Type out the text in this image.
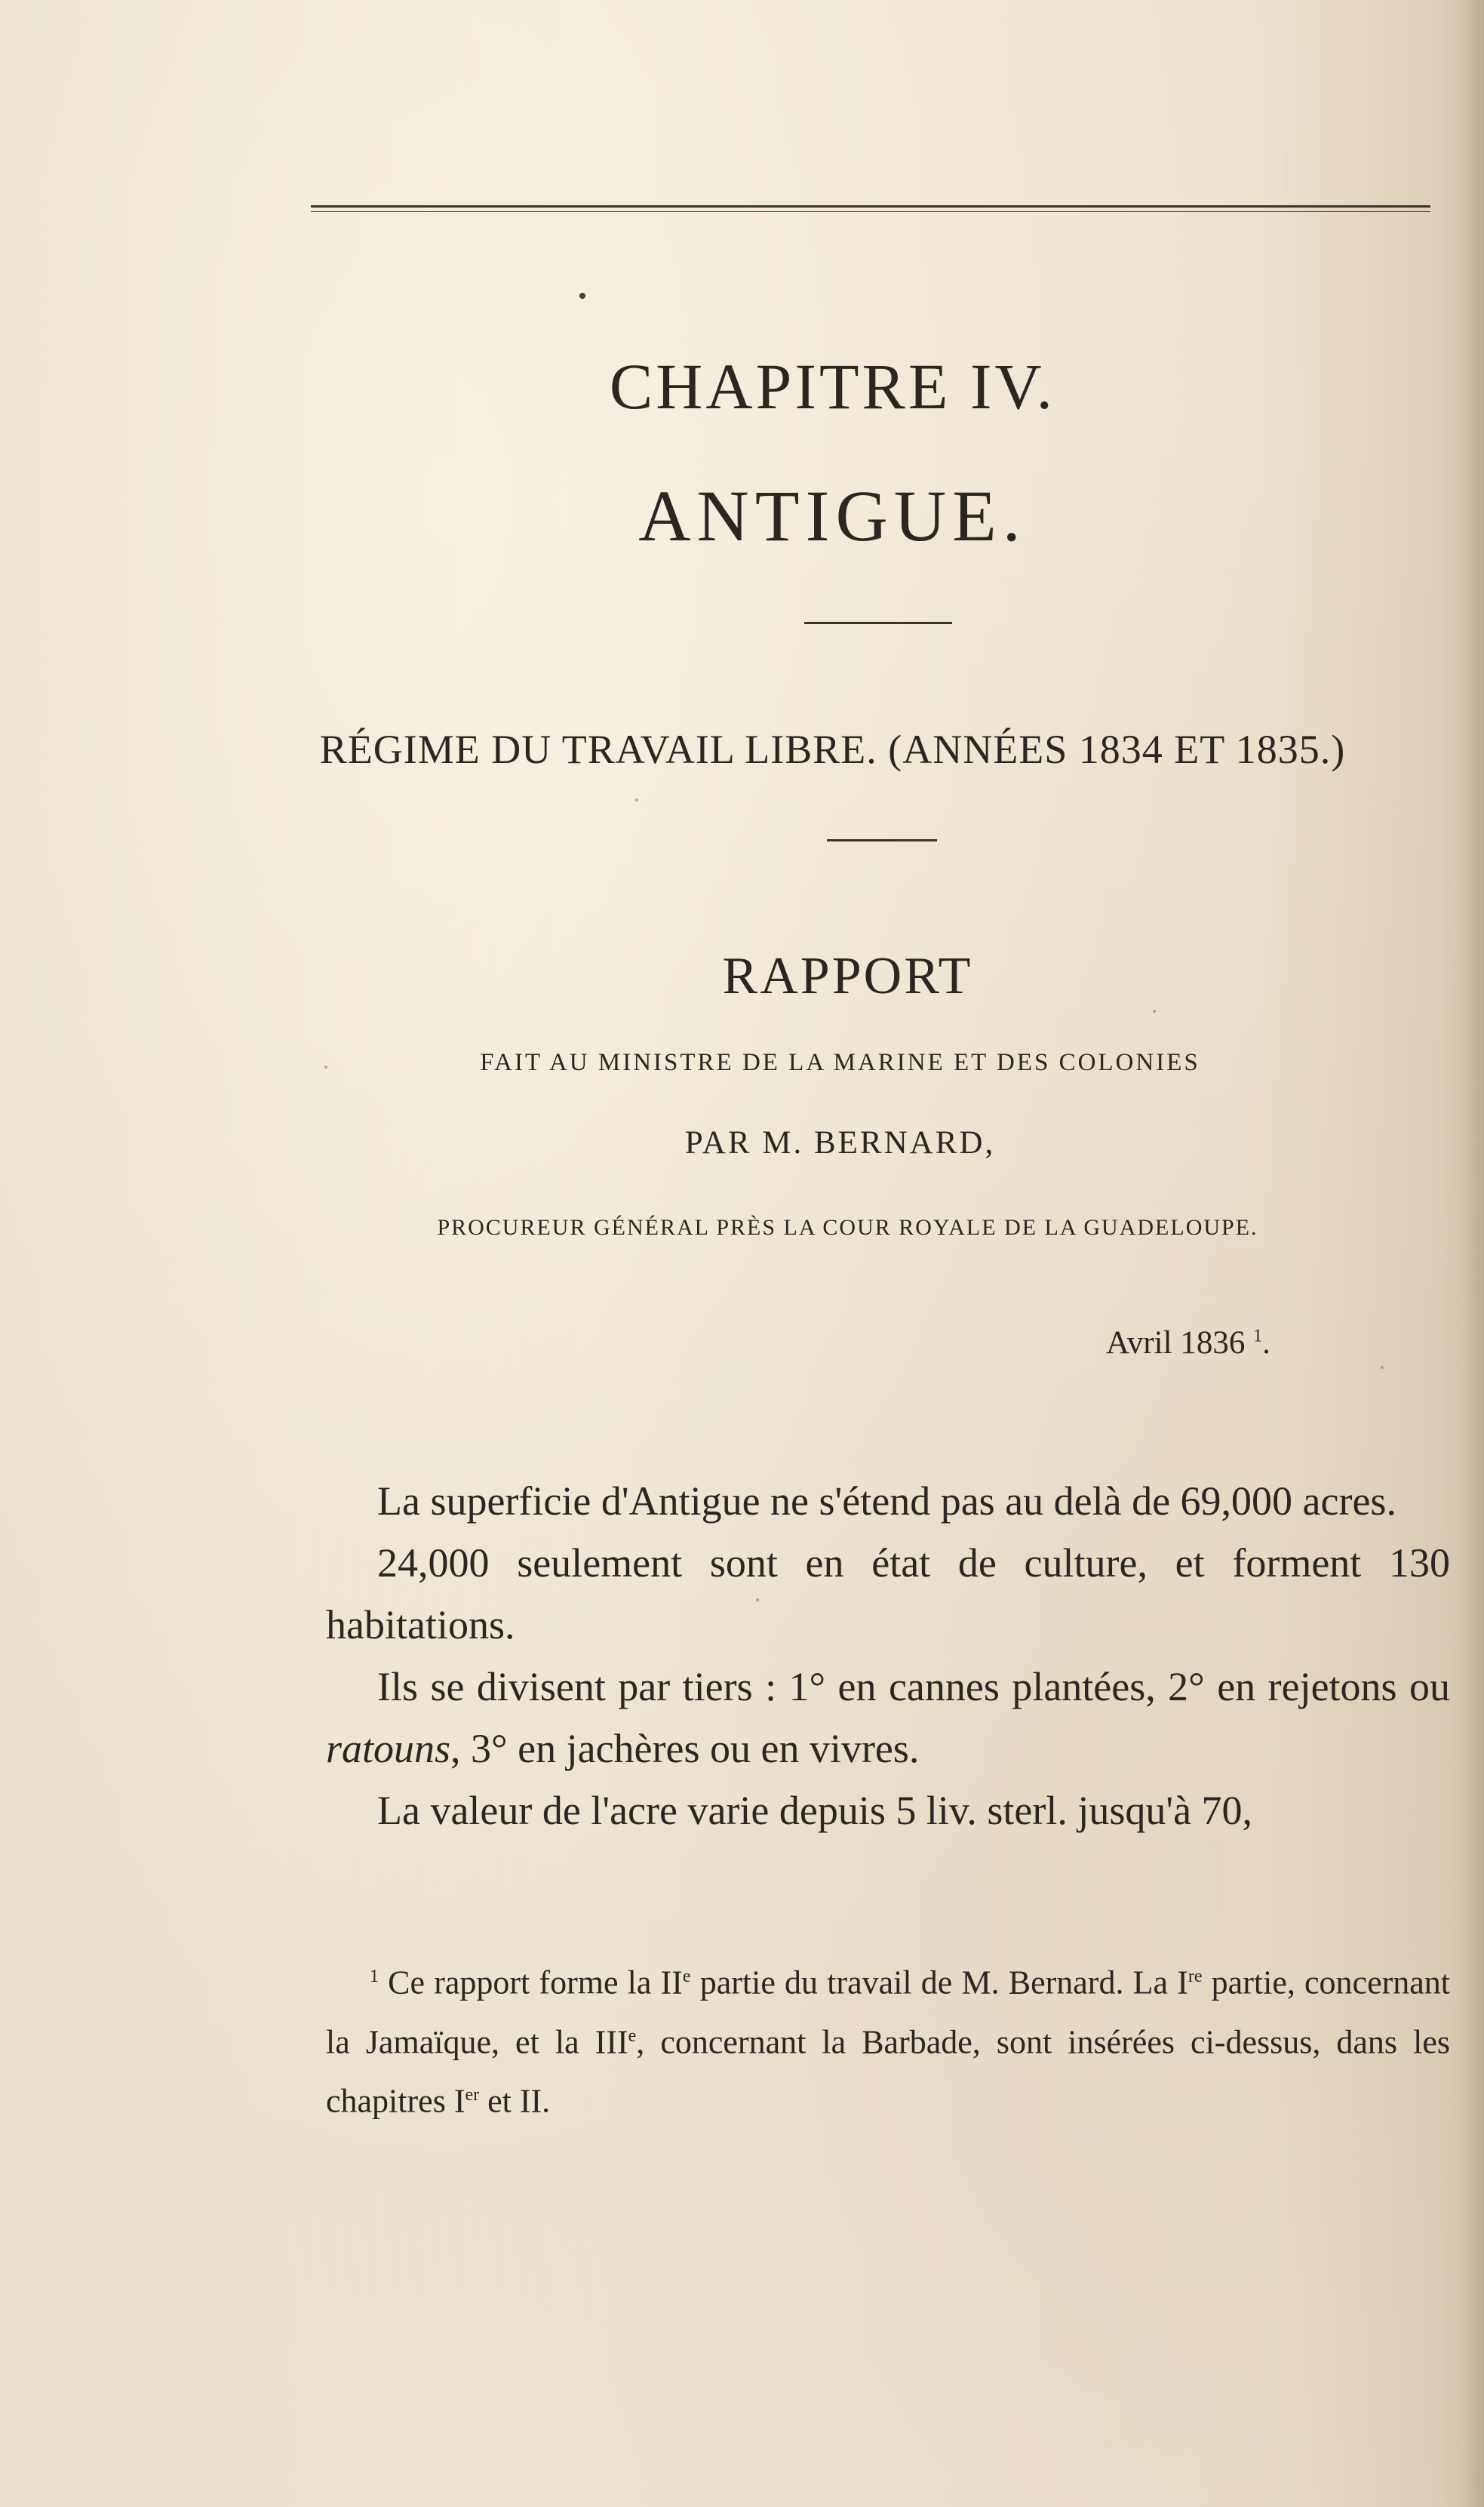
CHAPITRE IV.
ANTIGUE.
RÉGIME DU TRAVAIL LIBRE. (ANNÉES 1834 ET 1835.)
RAPPORT
FAIT AU MINISTRE DE LA MARINE ET DES COLONIES
PAR M. BERNARD,
PROCUREUR GÉNÉRAL PRÈS LA COUR ROYALE DE LA GUADELOUPE.
Avril 1836 $^1$.

La superficie d'Antigue ne s'étend pas au delà de 69,000 acres.

24,000 seulement sont en état de culture, et forment 130 habitations.

Ils se divisent par tiers : 1° en cannes plantées, 2° en rejetons ou ratouns, 3° en jachères ou en vivres.

La valeur de l'acre varie depuis 5 liv. sterl. jusqu'à 70,

$^1$ Ce rapport forme la IIe partie du travail de M. Bernard. La Ire partie, concernant la Jamaïque, et la IIIe, concernant la Barbade, sont insérées ci-dessus, dans les chapitres Ier et II.
